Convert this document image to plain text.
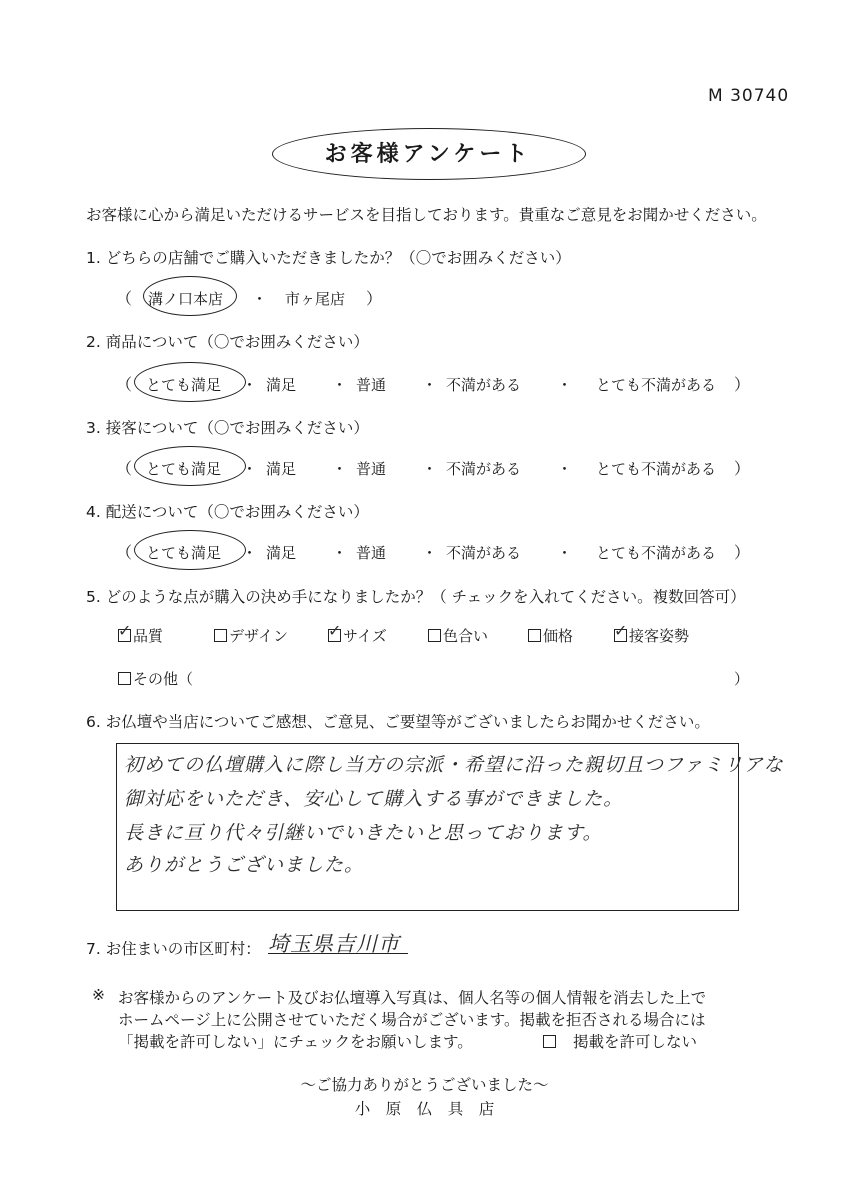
M 30740
お客様アンケート
お客様に心から満足いただけるサービスを目指しております。貴重なご意見をお聞かせください。
1. どちらの店舗でご購入いただきましたか？（〇でお囲みください）
（ 溝ノ口本店 ・ 市ヶ尾店 ）
2. 商品について（〇でお囲みください）
（ とても満足	満足	普通	不満がある	とても不満がある
・	・	・	・	）
3. 接客について（〇でお囲みください）
（ とても満足	満足	普通	不満がある	とても不満がある
・	・	・	・	）
4. 配送について（〇でお囲みください）
（ とても満足	満足	普通	不満がある	とても不満がある
・	・	・	・	）
5. どのような点が購入の決め手になりましたか？（ チェックを入れてください。複数回答可）
✓ 品質	デザイン	✓ サイズ	色合い	価格	✓ 接客姿勢
その他（	）
6. お仏壇や当店についてご感想、ご意見、ご要望等がございましたらお聞かせください。
初めての仏壇購入に際し当方の宗派・希望に沿った親切且つファミリアな
御対応をいただき、安心して購入する事ができました。
長きに亘り代々引継いでいきたいと思っております。
ありがとうございました。
7. お住まいの市区町村： 埼玉県吉川市
※ お客様からのアンケート及びお仏壇導入写真は、個人名等の個人情報を消去した上で
ホームページ上に公開させていただく場合がございます。掲載を拒否される場合には
「掲載を許可しない」にチェックをお願いします。	掲載を許可しない
〜ご協力ありがとうございました〜
小　原　仏　具　店
